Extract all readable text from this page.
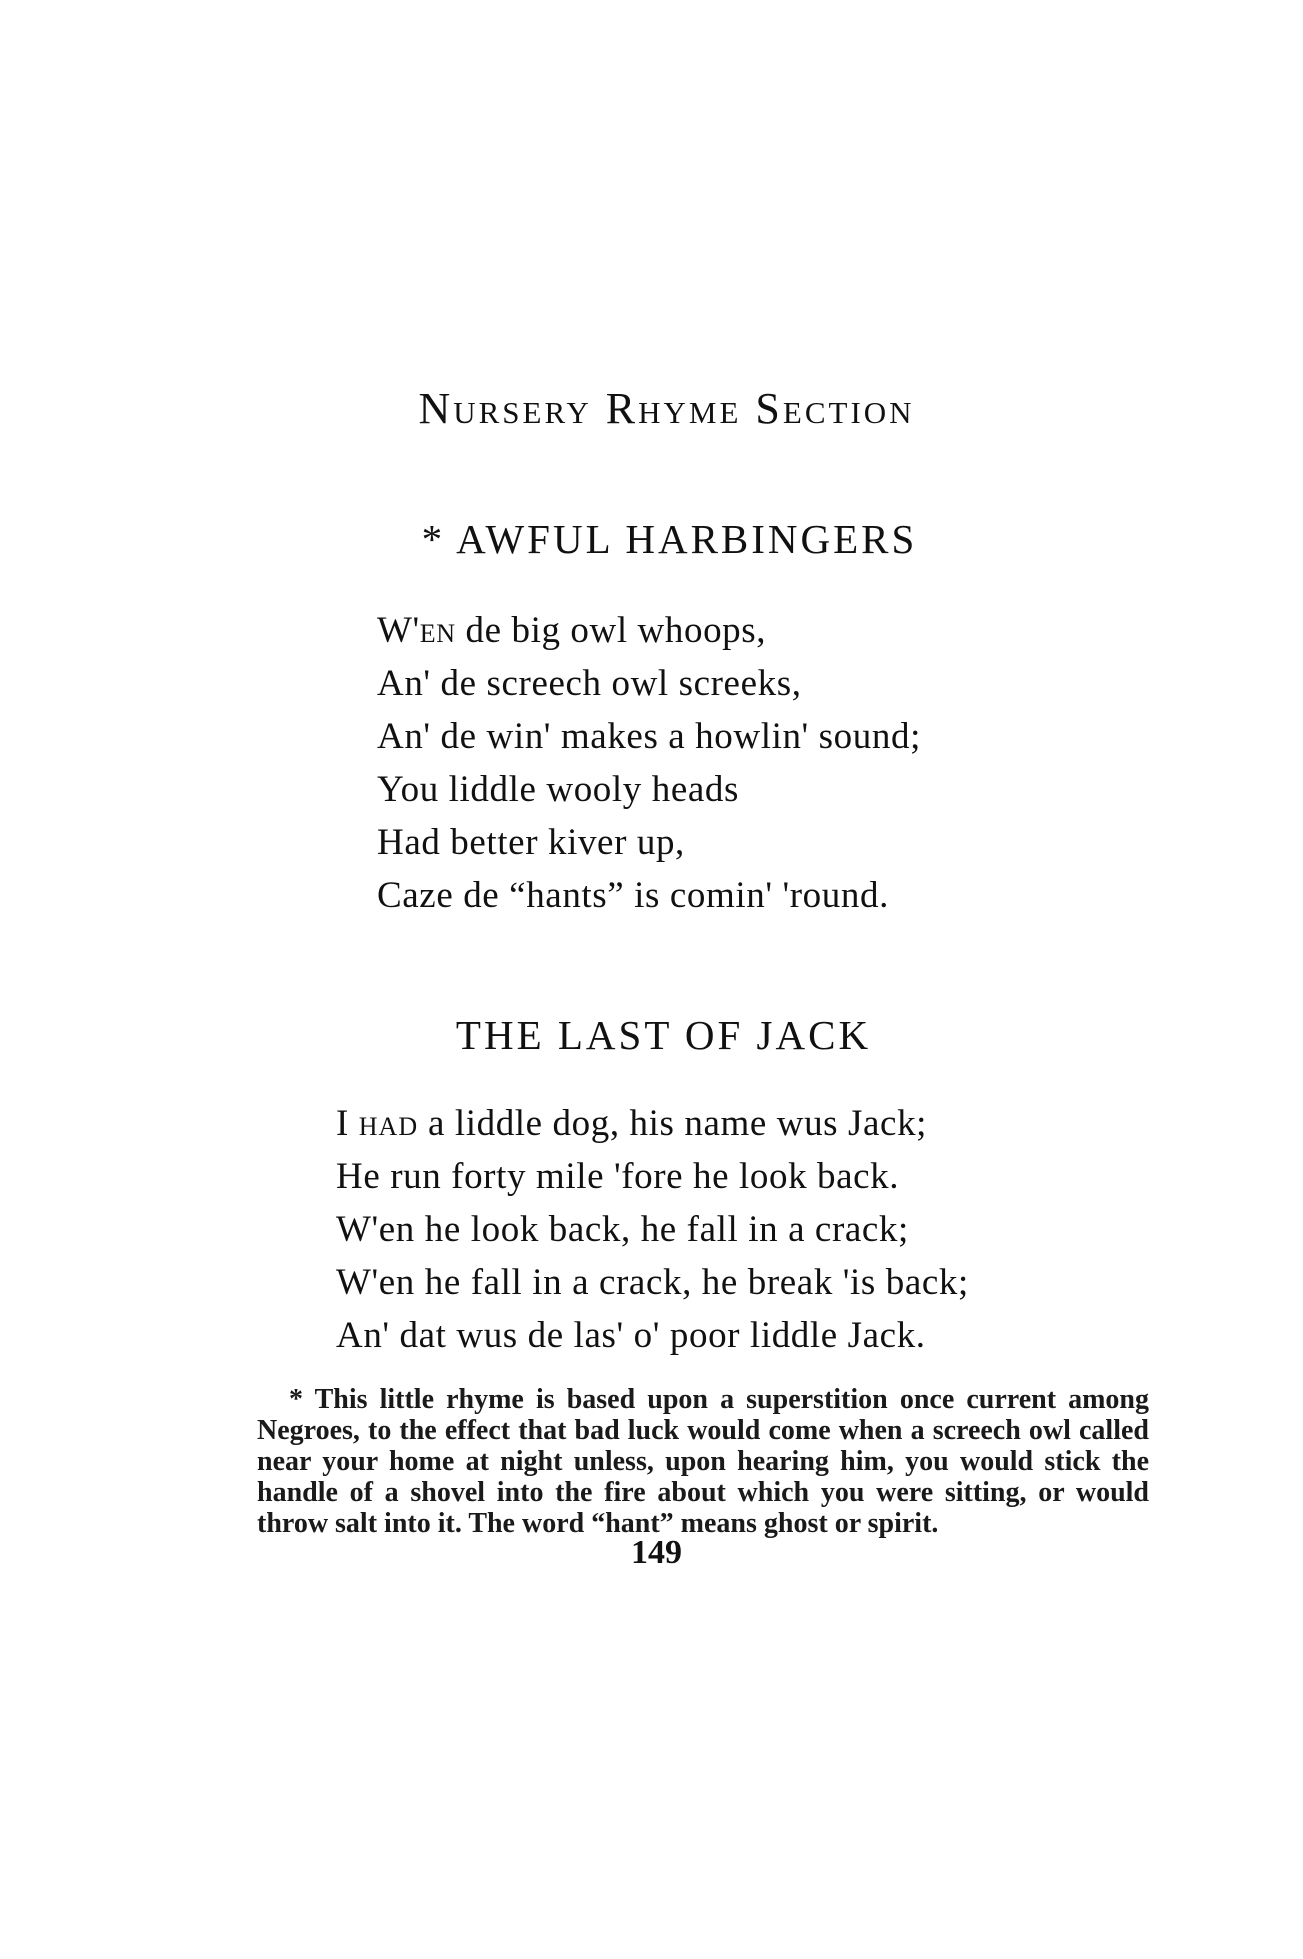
Nursery Rhyme Section
* AWFUL HARBINGERS
W'en de big owl whoops,
An' de screech owl screeks,
An' de win' makes a howlin' sound;
You liddle wooly heads
Had better kiver up,
Caze de “hants” is comin' 'round.
THE LAST OF JACK
I HAD a liddle dog, his name wus Jack;
He run forty mile 'fore he look back.
W'en he look back, he fall in a crack;
W'en he fall in a crack, he break 'is back;
An' dat wus de las' o' poor liddle Jack.

* This little rhyme is based upon a superstition once current among Negroes, to the effect that bad luck would come when a screech owl called near your home at night unless, upon hearing him, you would stick the handle of a shovel into the fire about which you were sitting, or would throw salt into it. The word “hant” means ghost or spirit.

149
